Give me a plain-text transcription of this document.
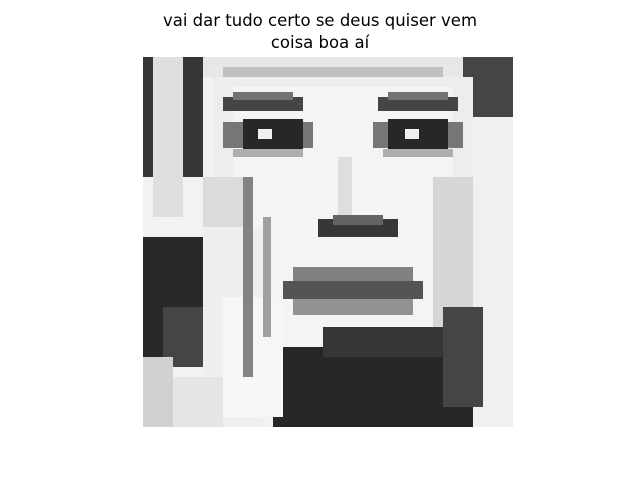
vai dar tudo certo se deus quiser vem
coisa boa aí
